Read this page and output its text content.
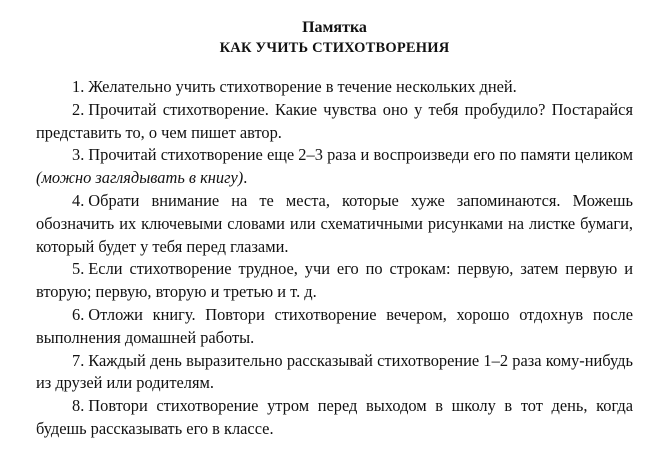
Памятка
КАК УЧИТЬ СТИХОТВОРЕНИЯ

1. Желательно учить стихотворение в течение нескольких дней.

2. Прочитай стихотворение. Какие чувства оно у тебя пробудило? Постарайся представить то, о чем пишет автор.

3. Прочитай стихотворение еще 2–3 раза и воспроизведи его по памяти целиком (можно заглядывать в книгу).

4. Обрати внимание на те места, которые хуже запоминаются. Можешь обозначить их ключевыми словами или схематичными рисунками на листке бумаги, который будет у тебя перед глазами.

5. Если стихотворение трудное, учи его по строкам: первую, затем первую и вторую; первую, вторую и третью и т. д.

6. Отложи книгу. Повтори стихотворение вечером, хорошо отдохнув после выполнения домашней работы.

7. Каждый день выразительно рассказывай стихотворение 1–2 раза кому-нибудь из друзей или родителям.

8. Повтори стихотворение утром перед выходом в школу в тот день, когда будешь рассказывать его в классе.
